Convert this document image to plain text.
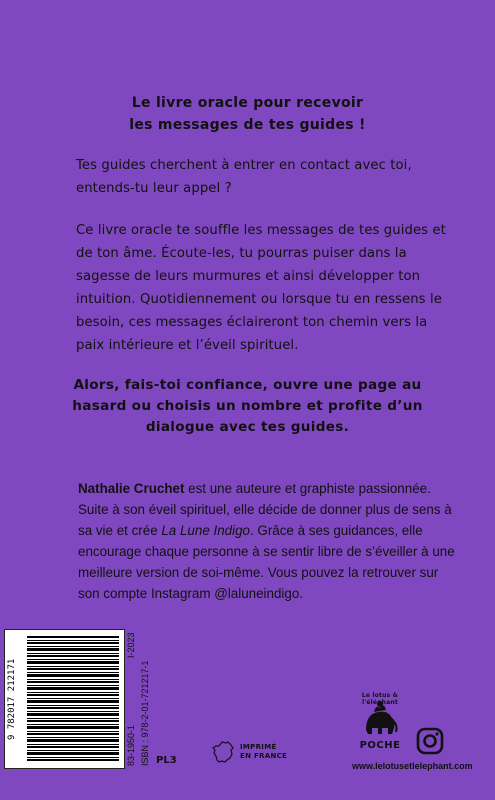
Le livre oracle pour recevoir
les messages de tes guides !
Tes guides cherchent à entrer en contact avec toi, entends-tu leur appel ?
Ce livre oracle te souffle les messages de tes guides et de ton âme. Écoute-les, tu pourras puiser dans la sagesse de leurs murmures et ainsi développer ton intuition. Quotidiennement ou lorsque tu en ressens le besoin, ces messages éclaireront ton chemin vers la paix intérieure et l’éveil spirituel.
Alors, fais-toi confiance, ouvre une page au hasard ou choisis un nombre et profite d’un dialogue avec tes guides.
Nathalie Cruchet est une auteure et graphiste passionnée. Suite à son éveil spirituel, elle décide de donner plus de sens à sa vie et crée La Lune Indigo. Grâce à ses guidances, elle encourage chaque personne à se sentir libre de s’éveiller à une meilleure version de soi-même. Vous pouvez la retrouver sur son compte Instagram @laluneindigo.
9 782017 212171
83-1950-1
I-2023
ISBN : 978-2-01-721217-1 PL3
IMPRIMÉ
EN FRANCE
Le lotus & l'éléphant
POCHE
www.lelotusetlelephant.com
